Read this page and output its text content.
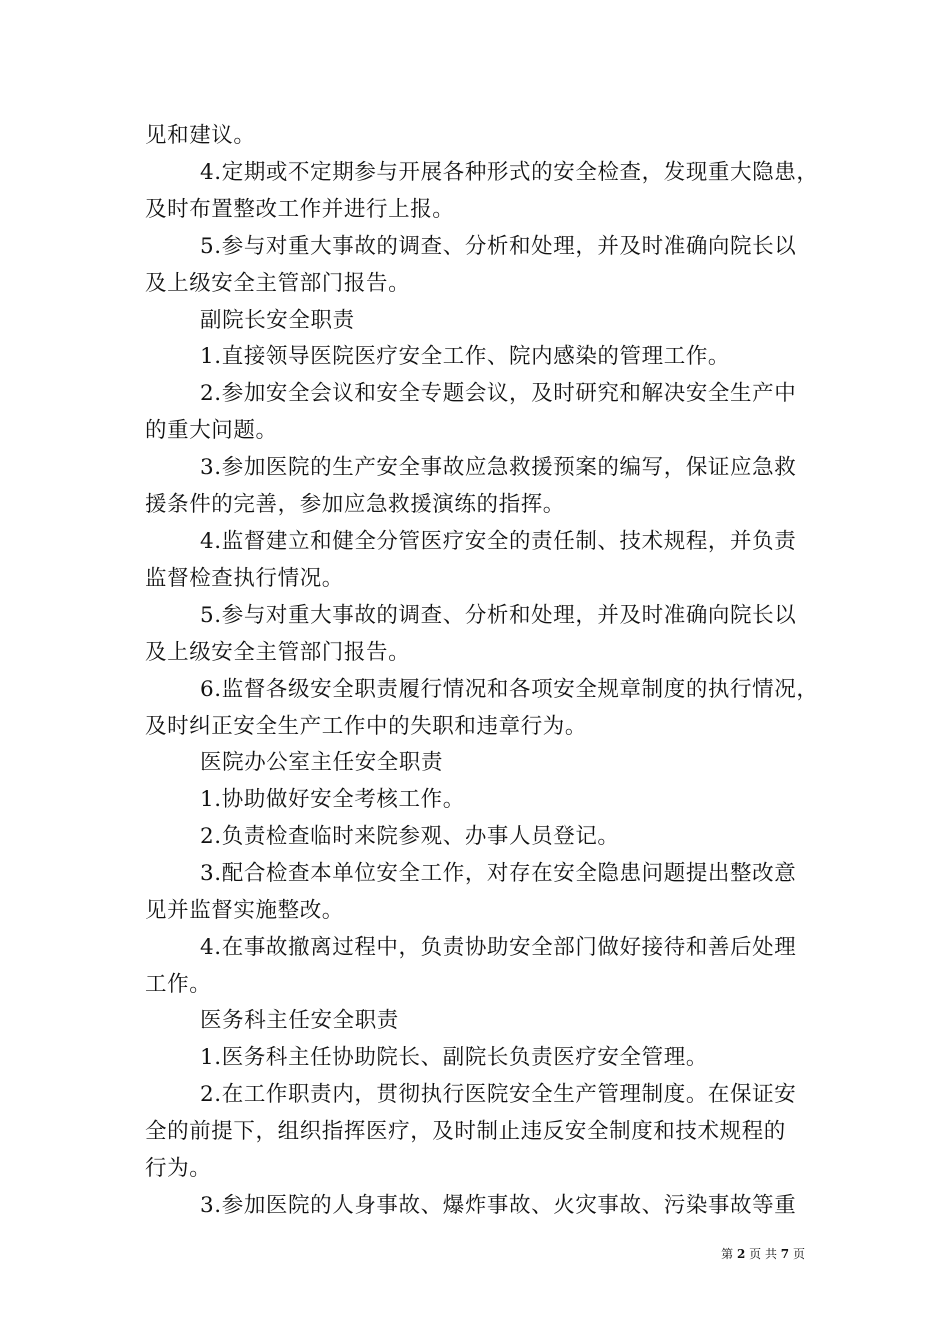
见和建议。

4.定期或不定期参与开展各种形式的安全检查，发现重大隐患，

及时布置整改工作并进行上报。

5.参与对重大事故的调查、分析和处理，并及时准确向院长以

及上级安全主管部门报告。

副院长安全职责

1.直接领导医院医疗安全工作、院内感染的管理工作。

2.参加安全会议和安全专题会议，及时研究和解决安全生产中

的重大问题。

3.参加医院的生产安全事故应急救援预案的编写，保证应急救

援条件的完善，参加应急救援演练的指挥。

4.监督建立和健全分管医疗安全的责任制、技术规程，并负责

监督检查执行情况。

5.参与对重大事故的调查、分析和处理，并及时准确向院长以

及上级安全主管部门报告。

6.监督各级安全职责履行情况和各项安全规章制度的执行情况，

及时纠正安全生产工作中的失职和违章行为。

医院办公室主任安全职责

1.协助做好安全考核工作。

2.负责检查临时来院参观、办事人员登记。

3.配合检查本单位安全工作，对存在安全隐患问题提出整改意

见并监督实施整改。

4.在事故撤离过程中，负责协助安全部门做好接待和善后处理

工作。

医务科主任安全职责

1.医务科主任协助院长、副院长负责医疗安全管理。

2.在工作职责内，贯彻执行医院安全生产管理制度。在保证安

全的前提下，组织指挥医疗，及时制止违反安全制度和技术规程的

行为。

3.参加医院的人身事故、爆炸事故、火灾事故、污染事故等重

第 2 页 共 7 页
